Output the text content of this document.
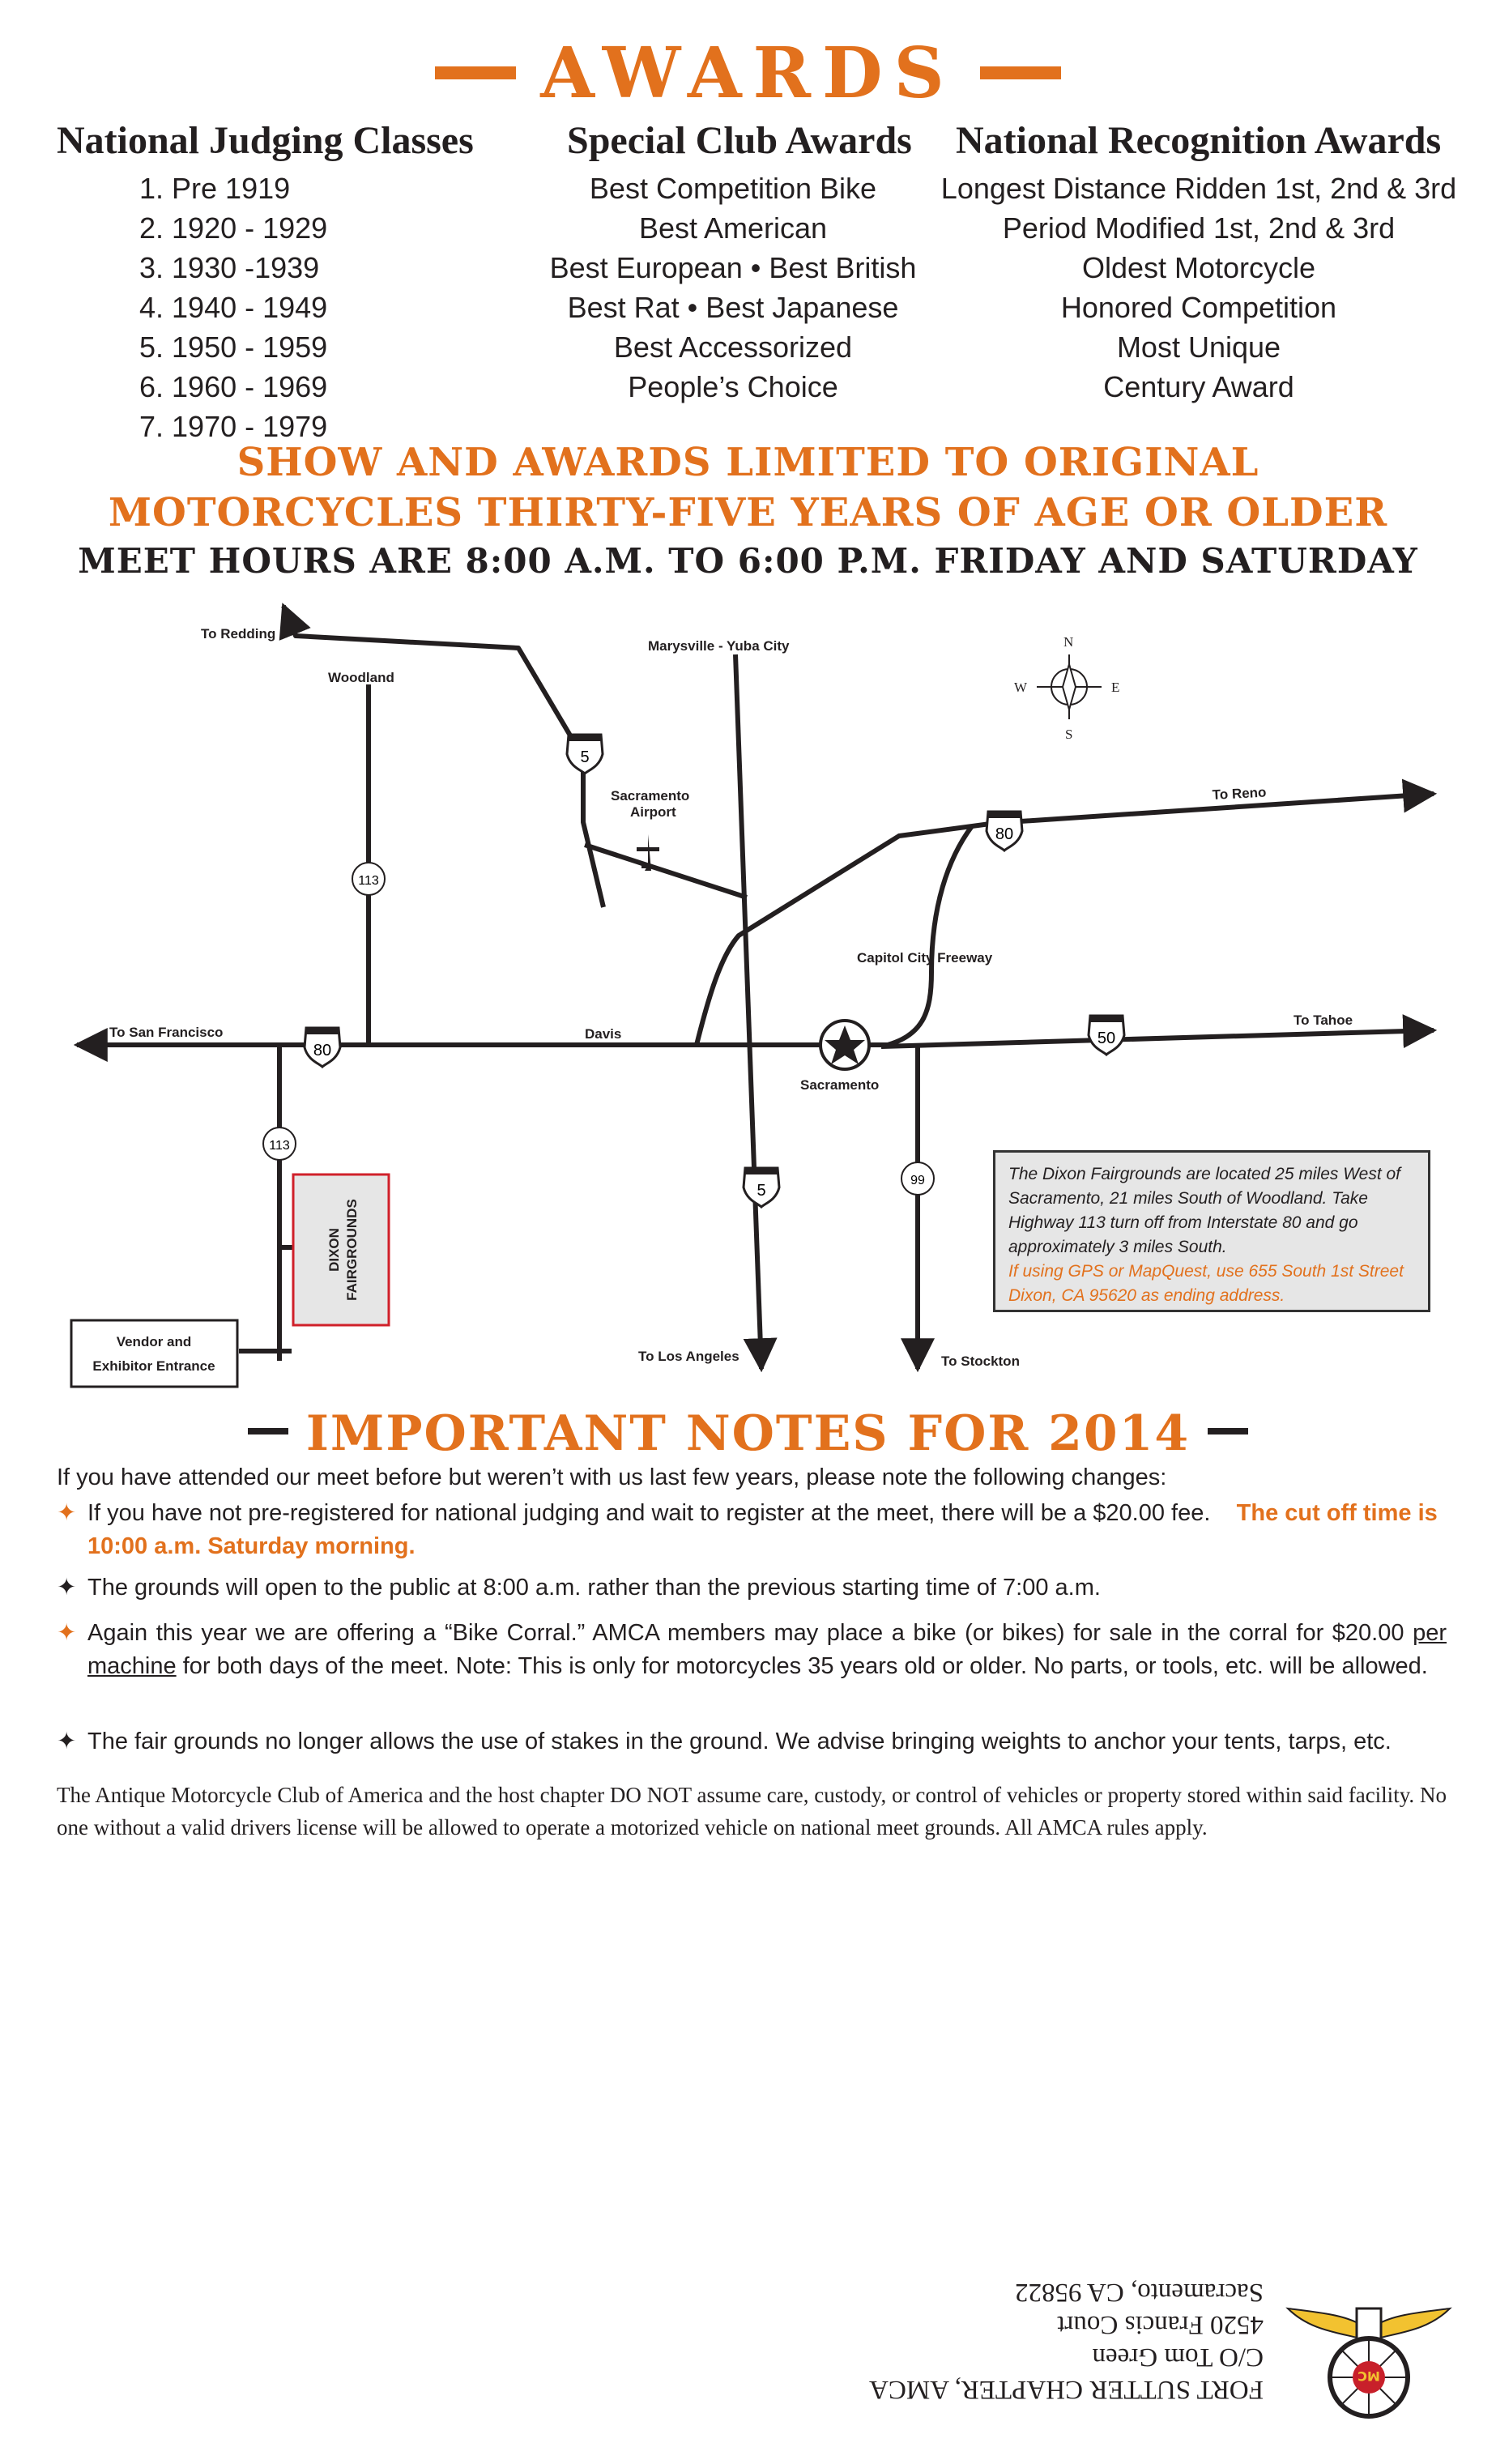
AWARDS
National Judging Classes Special Club Awards National Recognition Awards
1. Pre 1919
2. 1920 - 1929
3. 1930 -1939
4. 1940 - 1949
5. 1950 - 1959
6. 1960 - 1969
7. 1970 - 1979
Best Competition Bike
Best American
Best European • Best British
Best Rat • Best Japanese
Best Accessorized
People’s Choice
Longest Distance Ridden 1st, 2nd & 3rd
Period Modified 1st, 2nd & 3rd
Oldest Motorcycle
Honored Competition
Most Unique
Century Award
SHOW AND AWARDS LIMITED TO ORIGINAL
MOTORCYCLES THIRTY-FIVE YEARS OF AGE OR OLDER
MEET HOURS ARE 8:00 A.M. TO 6:00 P.M. FRIDAY AND SATURDAY
N
S
E
W
5
80
80
50
5
113
113
99
To Redding
Woodland
Marysville - Yuba City
Sacramento
Airport
To Reno
Capitol City Freeway
To San Francisco	Davis
Sacramento
To Tahoe
To Los Angeles	To Stockton
DIXON FAIRGROUNDS
Vendor and
Exhibitor Entrance

The Dixon Fairgrounds are located 25 miles West of Sacramento, 21 miles South of Woodland. Take Highway 113 turn off from Interstate 80 and go approximately 3 miles South.

If using GPS or MapQuest, use 655 South 1st Street Dixon, CA 95620 as ending address.

IMPORTANT NOTES FOR 2014
If you have attended our meet before but weren’t with us last few years, please note the following changes:
✦ If you have not pre-registered for national judging and wait to register at the meet, there will be a $20.00 fee. The cut off time is 10:00 a.m. Saturday morning.
✦ The grounds will open to the public at 8:00 a.m. rather than the previous starting time of 7:00 a.m.
✦ Again this year we are offering a “Bike Corral.” AMCA members may place a bike (or bikes) for sale in the corral for $20.00 per machine for both days of the meet. Note: This is only for motorcycles 35 years old or older. No parts, or tools, etc. will be allowed.
✦ The fair grounds no longer allows the use of stakes in the ground. We advise bringing weights to anchor your tents, tarps, etc.
The Antique Motorcycle Club of America and the host chapter DO NOT assume care, custody, or control of vehicles or property stored within said facility. No one without a valid drivers license will be allowed to operate a motorized vehicle on national meet grounds. All AMCA rules apply.
FORT SUTTER CHAPTER, AMCA
C/O Tom Green
4520 Francis Court
Sacramento, CA 95822
MC
